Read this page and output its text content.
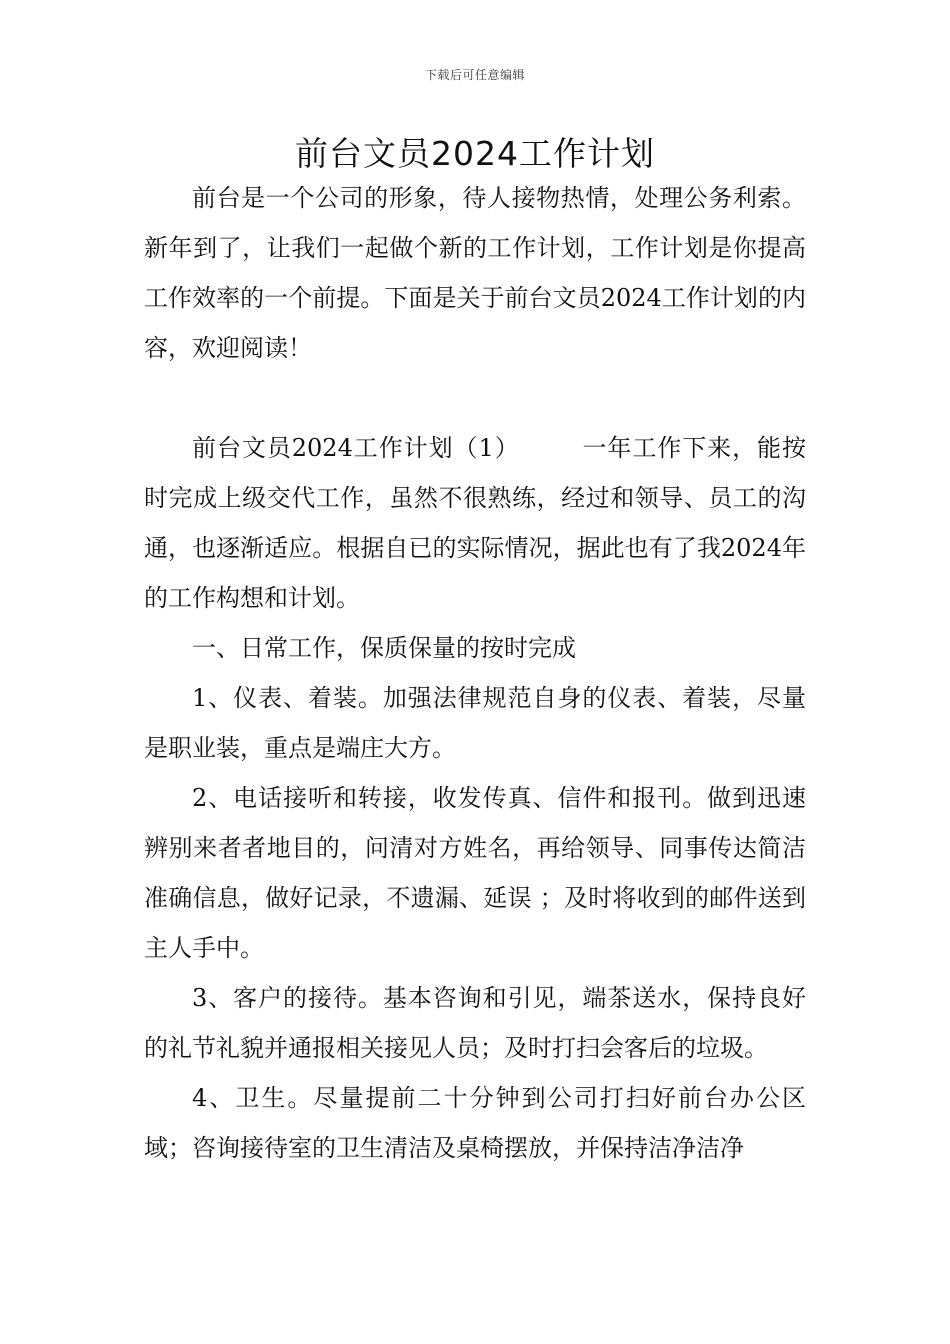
下载后可任意编辑
前台文员2024工作计划

前台是一个公司的形象，待人接物热情，处理公务利索。新年到了，让我们一起做个新的工作计划，工作计划是你提高工作效率的一个前提。下面是关于前台文员2024工作计划的内容，欢迎阅读！

前台文员2024工作计划（1）　　　一年工作下来，能按时完成上级交代工作，虽然不很熟练，经过和领导、员工的沟通，也逐渐适应。根据自已的实际情况，据此也有了我2024年的工作构想和计划。

一、日常工作，保质保量的按时完成

1、仪表、着装。加强法律规范自身的仪表、着装，尽量是职业装，重点是端庄大方。

2、电话接听和转接，收发传真、信件和报刊。做到迅速辨别来者者地目的，问清对方姓名，再给领导、同事传达简洁准确信息，做好记录，不遗漏、延误 ；及时将收到的邮件送到主人手中。

3、客户的接待。基本咨询和引见，端茶送水，保持良好的礼节礼貌并通报相关接见人员；及时打扫会客后的垃圾。

4、卫生。尽量提前二十分钟到公司打扫好前台办公区域；咨询接待室的卫生清洁及桌椅摆放，并保持洁净洁净
